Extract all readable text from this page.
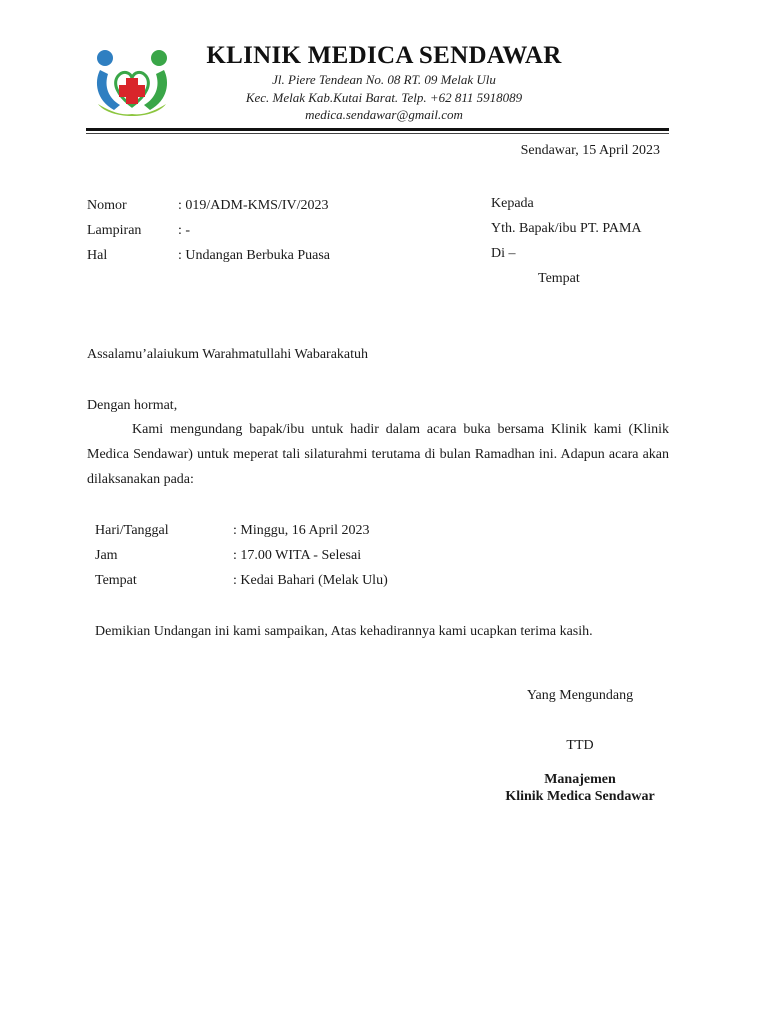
KLINIK MEDICA SENDAWAR
Jl. Piere Tendean No. 08 RT. 09 Melak Ulu
Kec. Melak Kab.Kutai Barat. Telp. +62 811 5918089
medica.sendawar@gmail.com
Sendawar, 15 April 2023
Nomor	: 019/ADM-KMS/IV/2023
Lampiran	: -
Hal	: Undangan Berbuka Puasa
Kepada
Yth. Bapak/ibu PT. PAMA
Di –
Tempat
Assalamu’alaiukum Warahmatullahi Wabarakatuh
Dengan hormat,
Kami mengundang bapak/ibu untuk hadir dalam acara buka bersama Klinik kami (Klinik Medica Sendawar) untuk meperat tali silaturahmi terutama di bulan Ramadhan ini. Adapun acara akan dilaksanakan pada:
Hari/Tanggal	: Minggu, 16 April 2023
Jam	: 17.00 WITA - Selesai
Tempat	: Kedai Bahari (Melak Ulu)
Demikian Undangan ini kami sampaikan, Atas kehadirannya kami ucapkan terima kasih.
Yang Mengundang
TTD
Manajemen
Klinik Medica Sendawar
